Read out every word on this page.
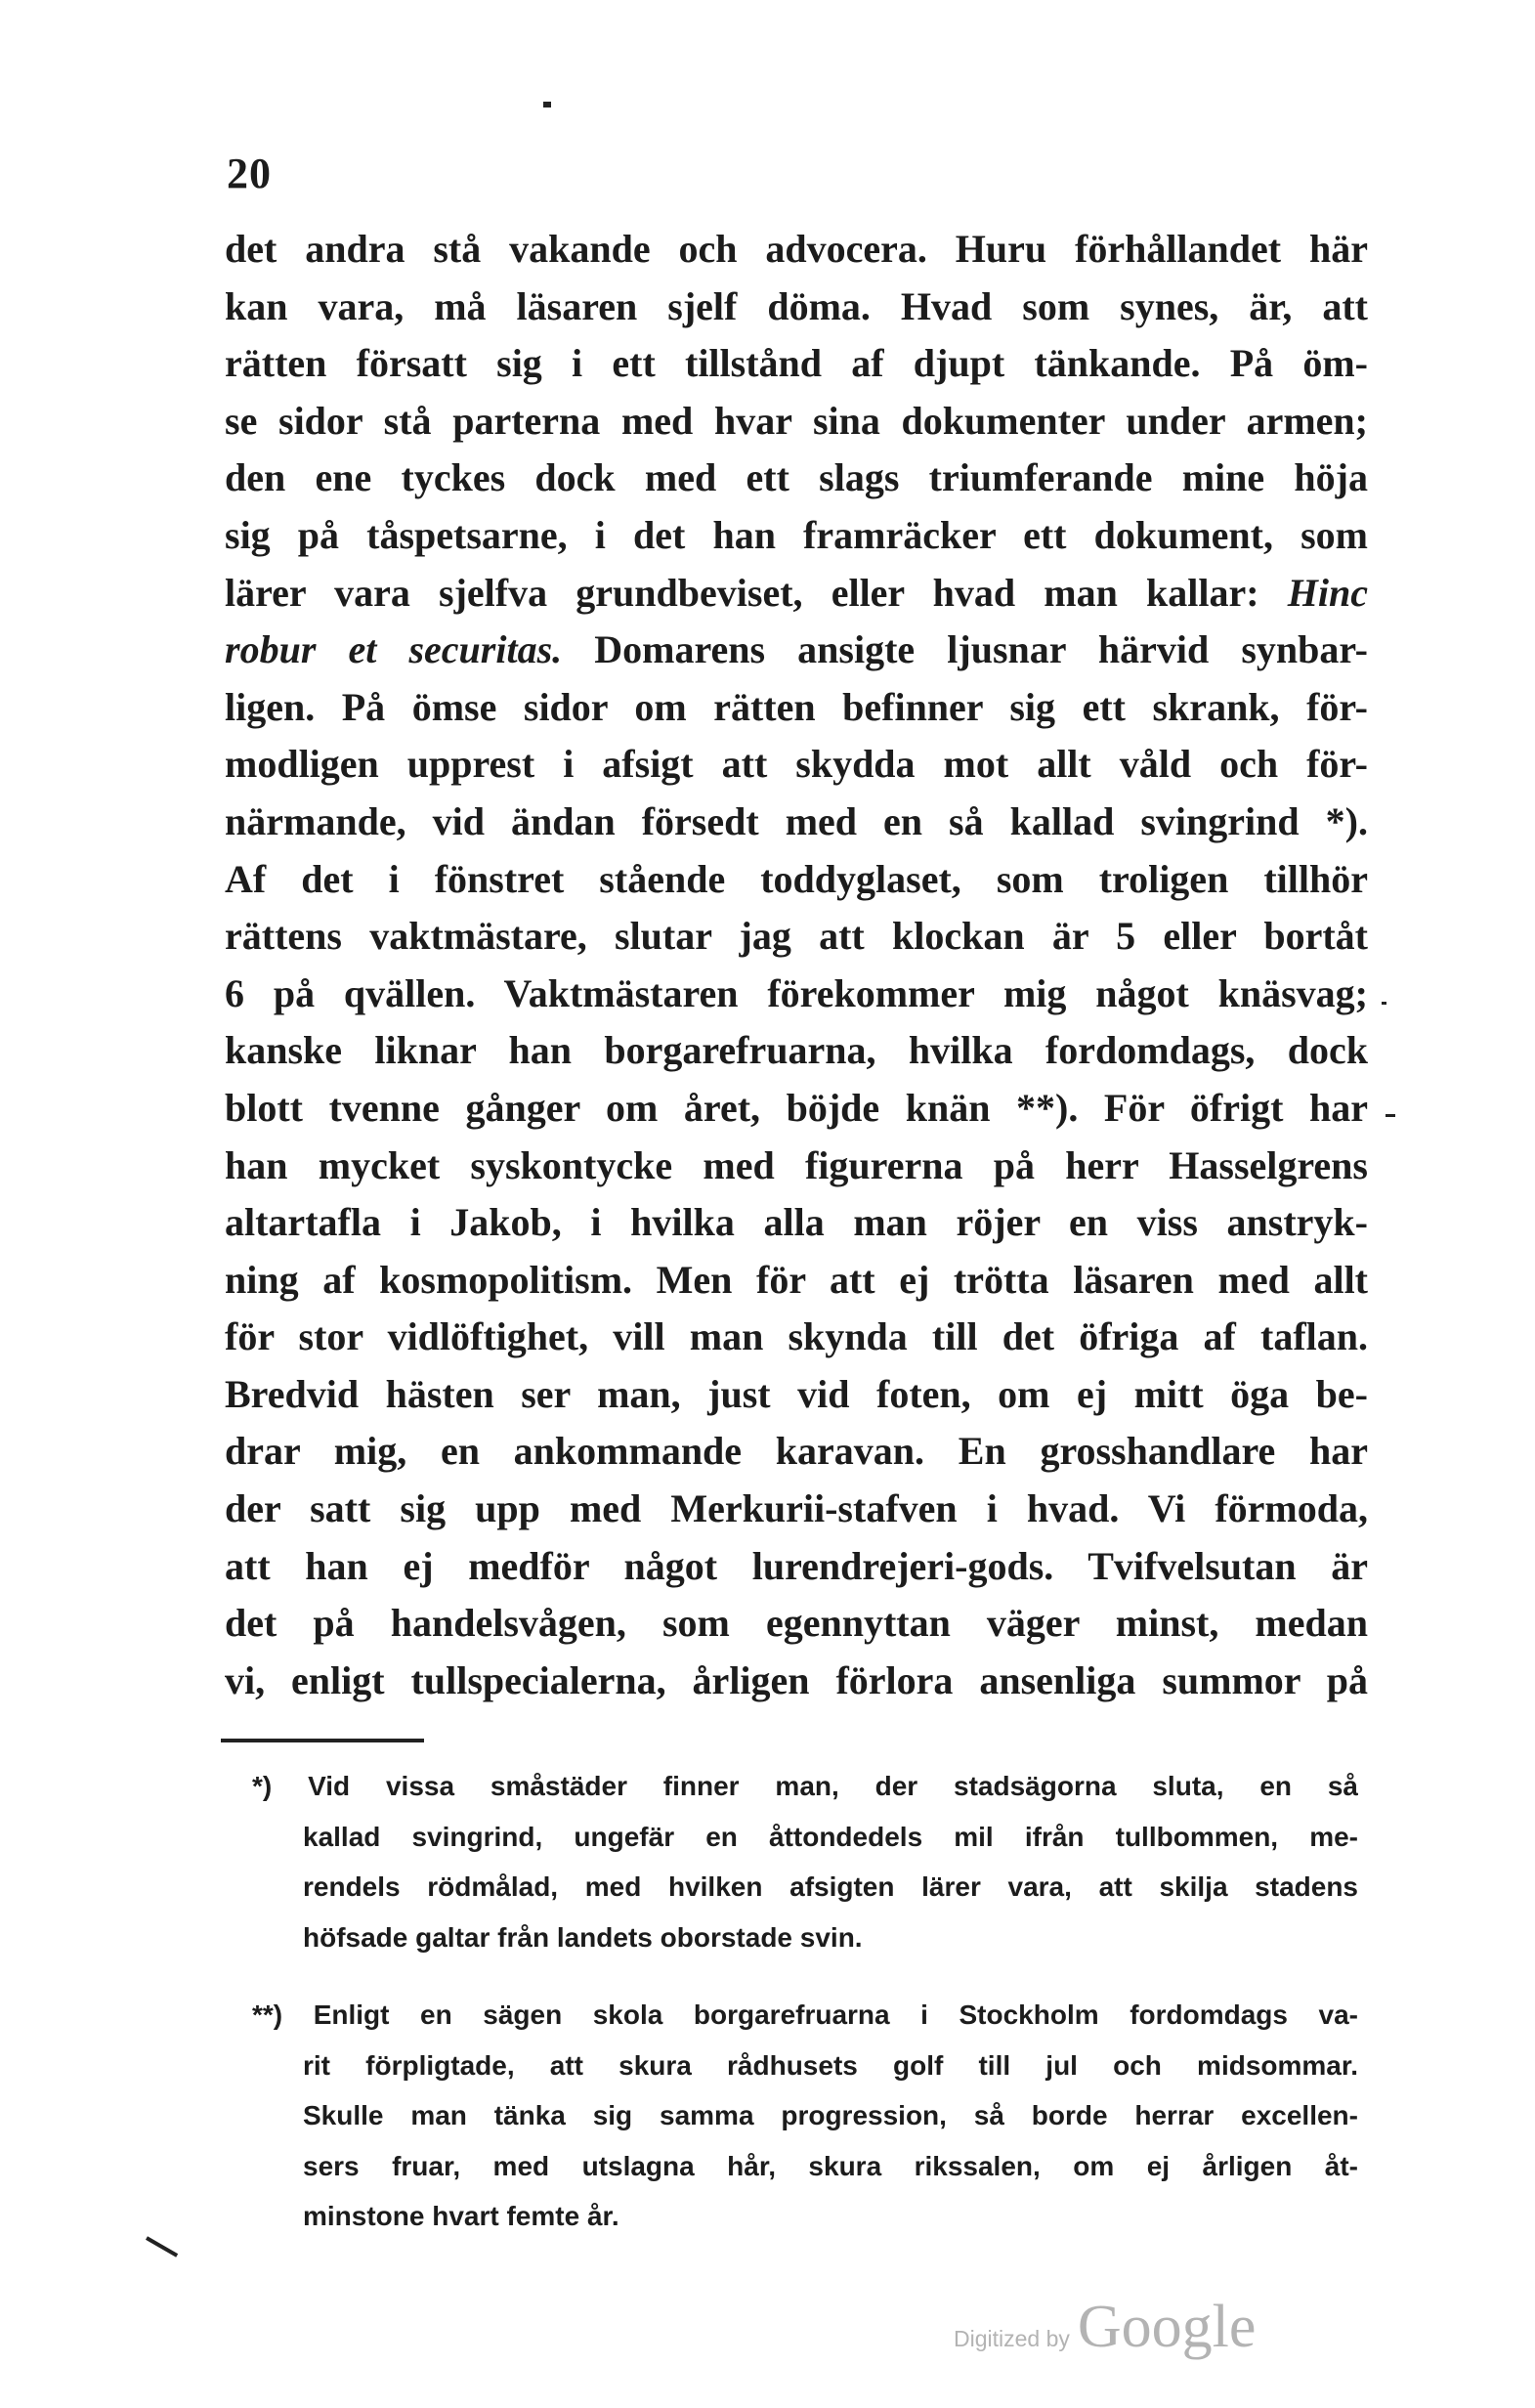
20
det andra stå vakande och advocera. Huru förhållandet här
kan vara, må läsaren sjelf döma. Hvad som synes, är, att
rätten försatt sig i ett tillstånd af djupt tänkande. På öm-
se sidor stå parterna med hvar sina dokumenter under armen;
den ene tyckes dock med ett slags triumferande mine höja
sig på tåspetsarne, i det han framräcker ett dokument, som
lärer vara sjelfva grundbeviset, eller hvad man kallar: Hinc
robur et securitas. Domarens ansigte ljusnar härvid synbar-
ligen. På ömse sidor om rätten befinner sig ett skrank, för-
modligen upprest i afsigt att skydda mot allt våld och för-
närmande, vid ändan försedt med en så kallad svingrind *).
Af det i fönstret stående toddyglaset, som troligen tillhör
rättens vaktmästare, slutar jag att klockan är 5 eller bortåt
6 på qvällen. Vaktmästaren förekommer mig något knäsvag;
kanske liknar han borgarefruarna, hvilka fordomdags, dock
blott tvenne gånger om året, böjde knän **). För öfrigt har
han mycket syskontycke med figurerna på herr Hasselgrens
altartafla i Jakob, i hvilka alla man röjer en viss anstryk-
ning af kosmopolitism. Men för att ej trötta läsaren med allt
för stor vidlöftighet, vill man skynda till det öfriga af taflan.
Bredvid hästen ser man, just vid foten, om ej mitt öga be-
drar mig, en ankommande karavan. En grosshandlare har
der satt sig upp med Merkurii-stafven i hvad. Vi förmoda,
att han ej medför något lurendrejeri-gods. Tvifvelsutan är
det på handelsvågen, som egennyttan väger minst, medan
vi, enligt tullspecialerna, årligen förlora ansenliga summor på
*) Vid vissa småstäder finner man, der stadsägorna sluta, en så
kallad svingrind, ungefär en åttondedels mil ifrån tullbommen, me-
rendels rödmålad, med hvilken afsigten lärer vara, att skilja stadens
höfsade galtar från landets oborstade svin.
**) Enligt en sägen skola borgarefruarna i Stockholm fordomdags va-
rit förpligtade, att skura rådhusets golf till jul och midsommar.
Skulle man tänka sig samma progression, så borde herrar excellen-
sers fruar, med utslagna hår, skura rikssalen, om ej årligen åt-
minstone hvart femte år.
Digitized by Google
